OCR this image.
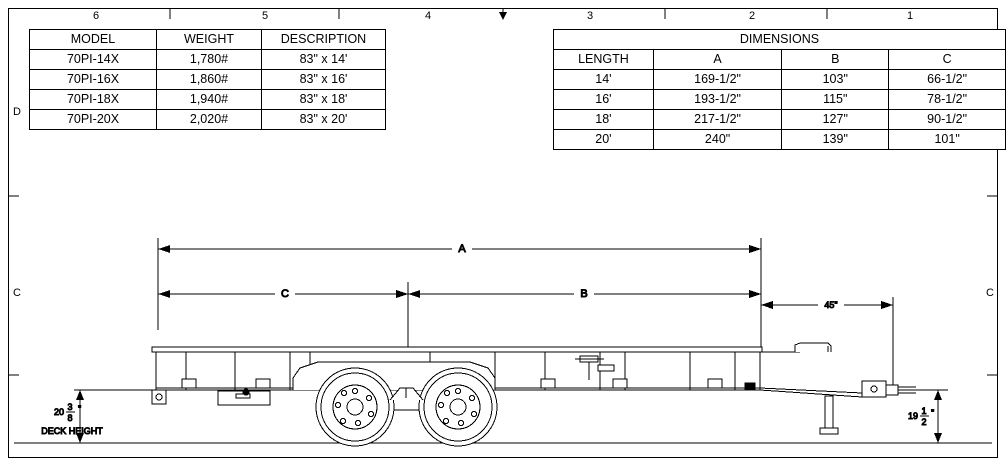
6	5	4	3	2	1
D
C	C
MODEL	WEIGHT	DESCRIPTION
70PI-14X	1,780#	83" x 14'
70PI-16X	1,860#	83" x 16'
70PI-18X	1,940#	83" x 18'
70PI-20X	2,020#	83" x 20'
DIMENSIONS			
LENGTH	A	B	C
14'	169-1/2"	103"	66-1/2"
16'	193-1/2"	115"	78-1/2"
18'	217-1/2"	127"	90-1/2"
20'	240"	139"	101"
A
C	B
45"
20 3
8
"
DECK HEIGHT
19 1
2
"
